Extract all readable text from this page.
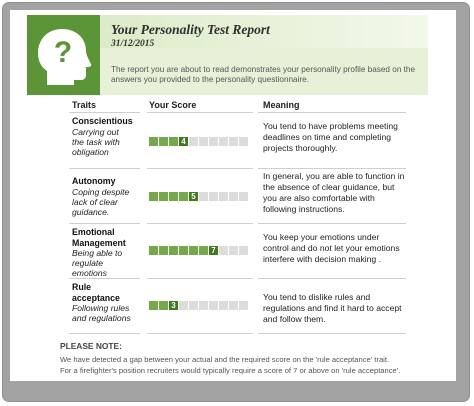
?
Your Personality Test Report
31/12/2015
The report you are about to read demonstrates your personality profile based on the answers you provided to the personality questionnaire.
Traits	Your Score	Meaning
Conscientious
Carrying out the task with obligation
4
You tend to have problems meeting deadlines on time and completing projects thoroughly.
Autonomy
Coping despite lack of clear guidance.
5
In general, you are able to function in the absence of clear guidance, but you are also comfortable with following instructions.
Emotional Management
Being able to regulate emotions
7
You keep your emotions under control and do not let your emotions interfere with decision making .
Rule acceptance
Following rules and regulations
3
You tend to dislike rules and regulations and find it hard to accept and follow them.
PLEASE NOTE:
We have detected a gap between your actual and the required score on the 'rule acceptance' trait.
For a firefighter's position recruiters would typically require a score of 7 or above on 'rule acceptance'.
